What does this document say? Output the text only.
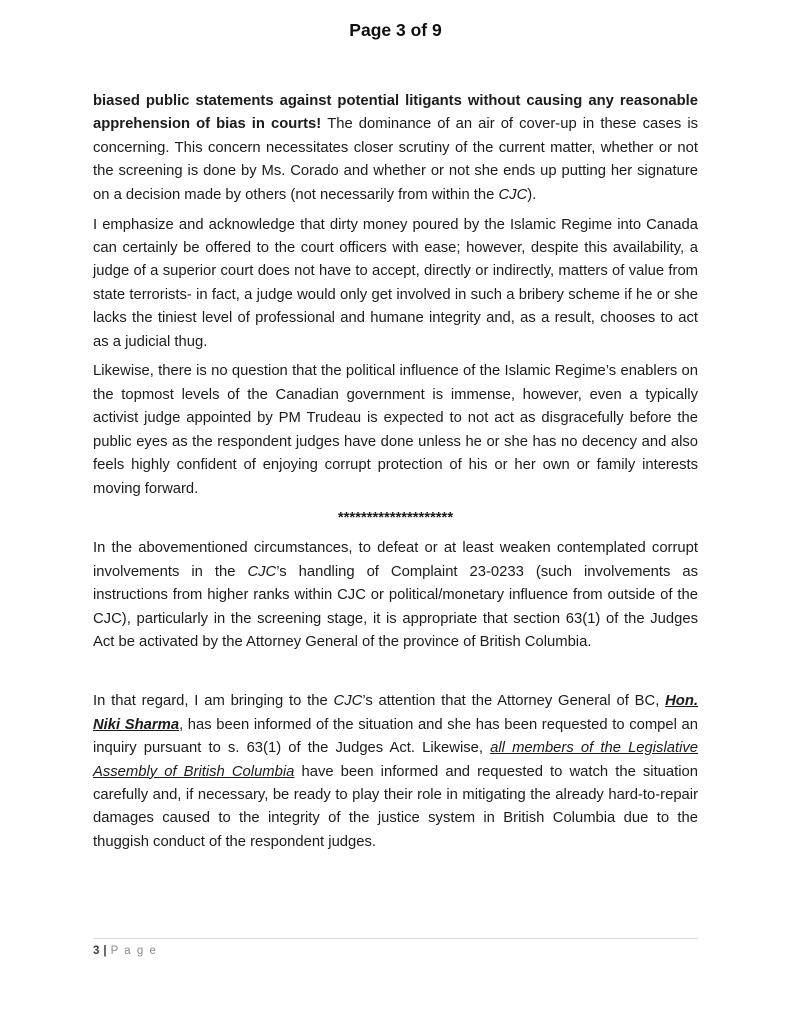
Page 3 of 9

biased public statements against potential litigants without causing any reasonable apprehension of bias in courts! The dominance of an air of cover-up in these cases is concerning. This concern necessitates closer scrutiny of the current matter, whether or not the screening is done by Ms. Corado and whether or not she ends up putting her signature on a decision made by others (not necessarily from within the CJC).

I emphasize and acknowledge that dirty money poured by the Islamic Regime into Canada can certainly be offered to the court officers with ease; however, despite this availability, a judge of a superior court does not have to accept, directly or indirectly, matters of value from state terrorists- in fact, a judge would only get involved in such a bribery scheme if he or she lacks the tiniest level of professional and humane integrity and, as a result, chooses to act as a judicial thug.

Likewise, there is no question that the political influence of the Islamic Regime’s enablers on the topmost levels of the Canadian government is immense, however, even a typically activist judge appointed by PM Trudeau is expected to not act as disgracefully before the public eyes as the respondent judges have done unless he or she has no decency and also feels highly confident of enjoying corrupt protection of his or her own or family interests moving forward.

********************

In the abovementioned circumstances, to defeat or at least weaken contemplated corrupt involvements in the CJC’s handling of Complaint 23-0233 (such involvements as instructions from higher ranks within CJC or political/monetary influence from outside of the CJC), particularly in the screening stage, it is appropriate that section 63(1) of the Judges Act be activated by the Attorney General of the province of British Columbia.

In that regard, I am bringing to the CJC’s attention that the Attorney General of BC, Hon. Niki Sharma, has been informed of the situation and she has been requested to compel an inquiry pursuant to s. 63(1) of the Judges Act. Likewise, all members of the Legislative Assembly of British Columbia have been informed and requested to watch the situation carefully and, if necessary, be ready to play their role in mitigating the already hard-to-repair damages caused to the integrity of the justice system in British Columbia due to the thuggish conduct of the respondent judges.

3 | P a g e
